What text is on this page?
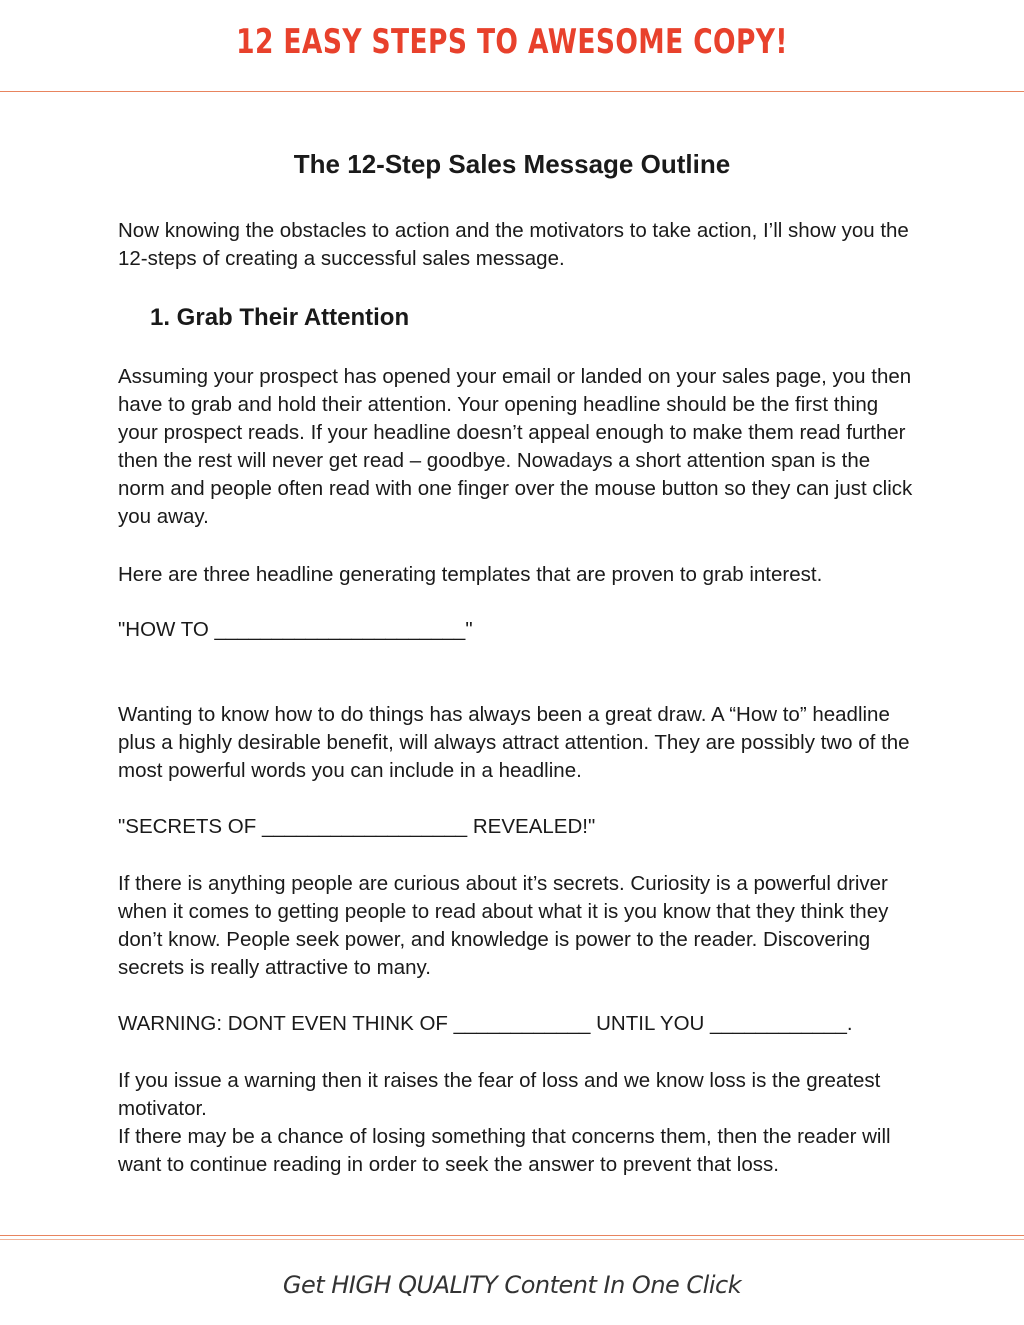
12 EASY STEPS TO AWESOME COPY!
The 12-Step Sales Message Outline

Now knowing the obstacles to action and the motivators to take action, I’ll show you the 12-steps of creating a successful sales message.

1. Grab Their Attention

Assuming your prospect has opened your email or landed on your sales page, you then have to grab and hold their attention. Your opening headline should be the first thing your prospect reads. If your headline doesn’t appeal enough to make them read further then the rest will never get read – goodbye. Nowadays a short attention span is the norm and people often read with one finger over the mouse button so they can just click you away.

Here are three headline generating templates that are proven to grab interest.

"HOW TO ______________________"

Wanting to know how to do things has always been a great draw. A “How to” headline plus a highly desirable benefit, will always attract attention. They are possibly two of the most powerful words you can include in a headline.

"SECRETS OF __________________ REVEALED!"

If there is anything people are curious about it’s secrets. Curiosity is a powerful driver when it comes to getting people to read about what it is you know that they think they don’t know. People seek power, and knowledge is power to the reader. Discovering secrets is really attractive to many.

WARNING: DONT EVEN THINK OF ____________ UNTIL YOU ____________.

If you issue a warning then it raises the fear of loss and we know loss is the greatest motivator.

If there may be a chance of losing something that concerns them, then the reader will want to continue reading in order to seek the answer to prevent that loss.

Get HIGH QUALITY Content In One Click
